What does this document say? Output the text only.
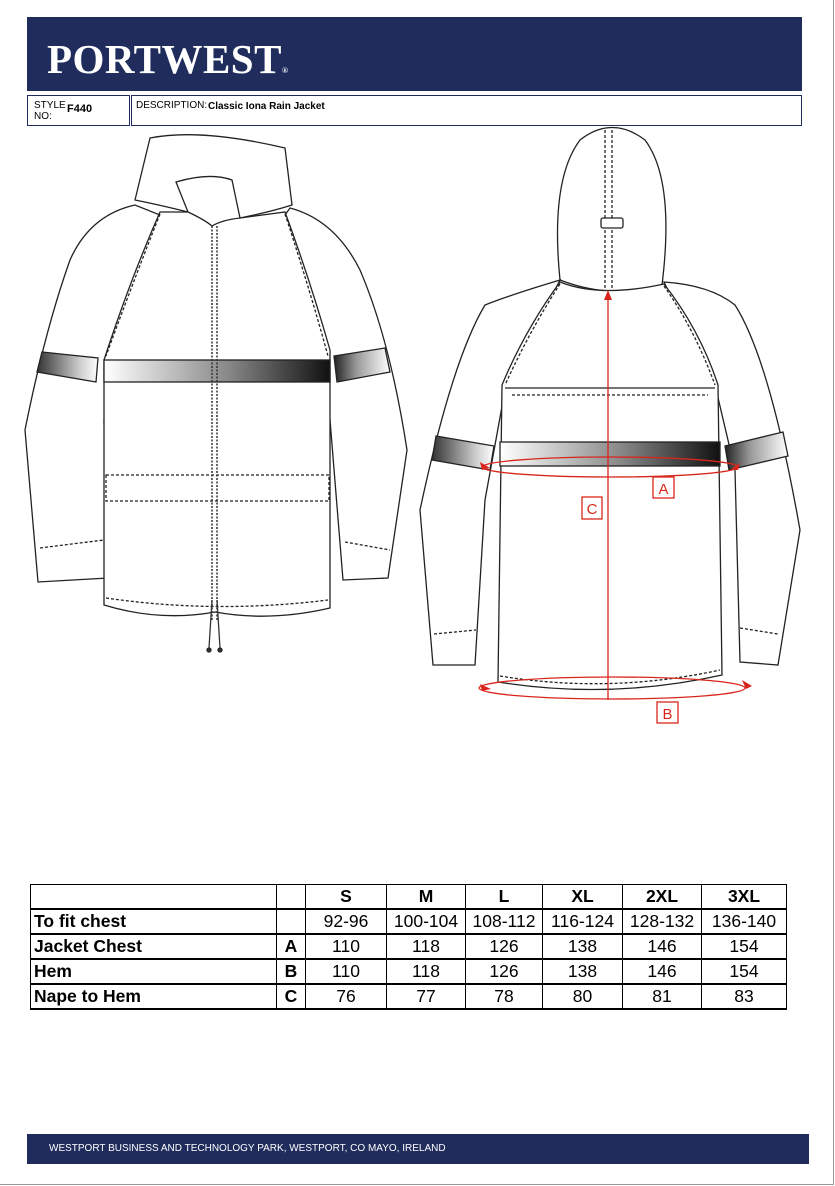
PORTWEST®
STYLE NO:
F440	DESCRIPTION: Classic Iona Rain Jacket
C
A
B
		S	M	L	XL	2XL	3XL
To fit chest		92-96	100-104	108-112	116-124	128-132	136-140
Jacket Chest	A	110	118	126	138	146	154
Hem	B	110	118	126	138	146	154
Nape to Hem	C	76	77	78	80	81	83
WESTPORT BUSINESS AND TECHNOLOGY PARK, WESTPORT, CO MAYO, IRELAND
